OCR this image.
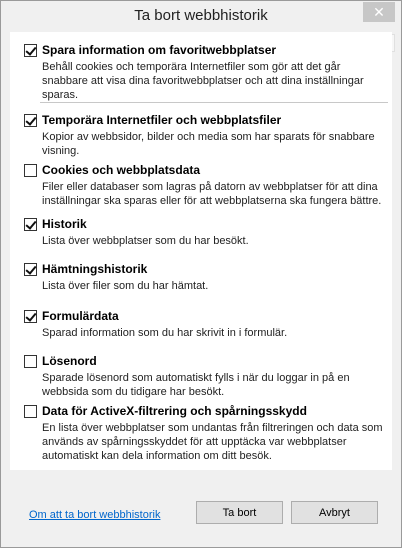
Ta bort webbhistorik	✕
Spara information om favoritwebbplatser
Behåll cookies och temporära Internetfiler som gör att det går snabbare att visa dina favoritwebbplatser och att dina inställningar sparas.
Temporära Internetfiler och webbplatsfiler
Kopior av webbsidor, bilder och media som har sparats för snabbare visning.
Cookies och webbplatsdata
Filer eller databaser som lagras på datorn av webbplatser för att dina inställningar ska sparas eller för att webbplatserna ska fungera bättre.
Historik
Lista över webbplatser som du har besökt.
Hämtningshistorik
Lista över filer som du har hämtat.
Formulärdata
Sparad information som du har skrivit in i formulär.
Lösenord
Sparade lösenord som automatiskt fylls i när du loggar in på en webbsida som du tidigare har besökt.
Data för ActiveX-filtrering och spårningsskydd
En lista över webbplatser som undantas från filtreringen och data som används av spårningsskyddet för att upptäcka var webbplatser automatiskt kan dela information om ditt besök.
Om att ta bort webbhistorik	Ta bort	Avbryt
